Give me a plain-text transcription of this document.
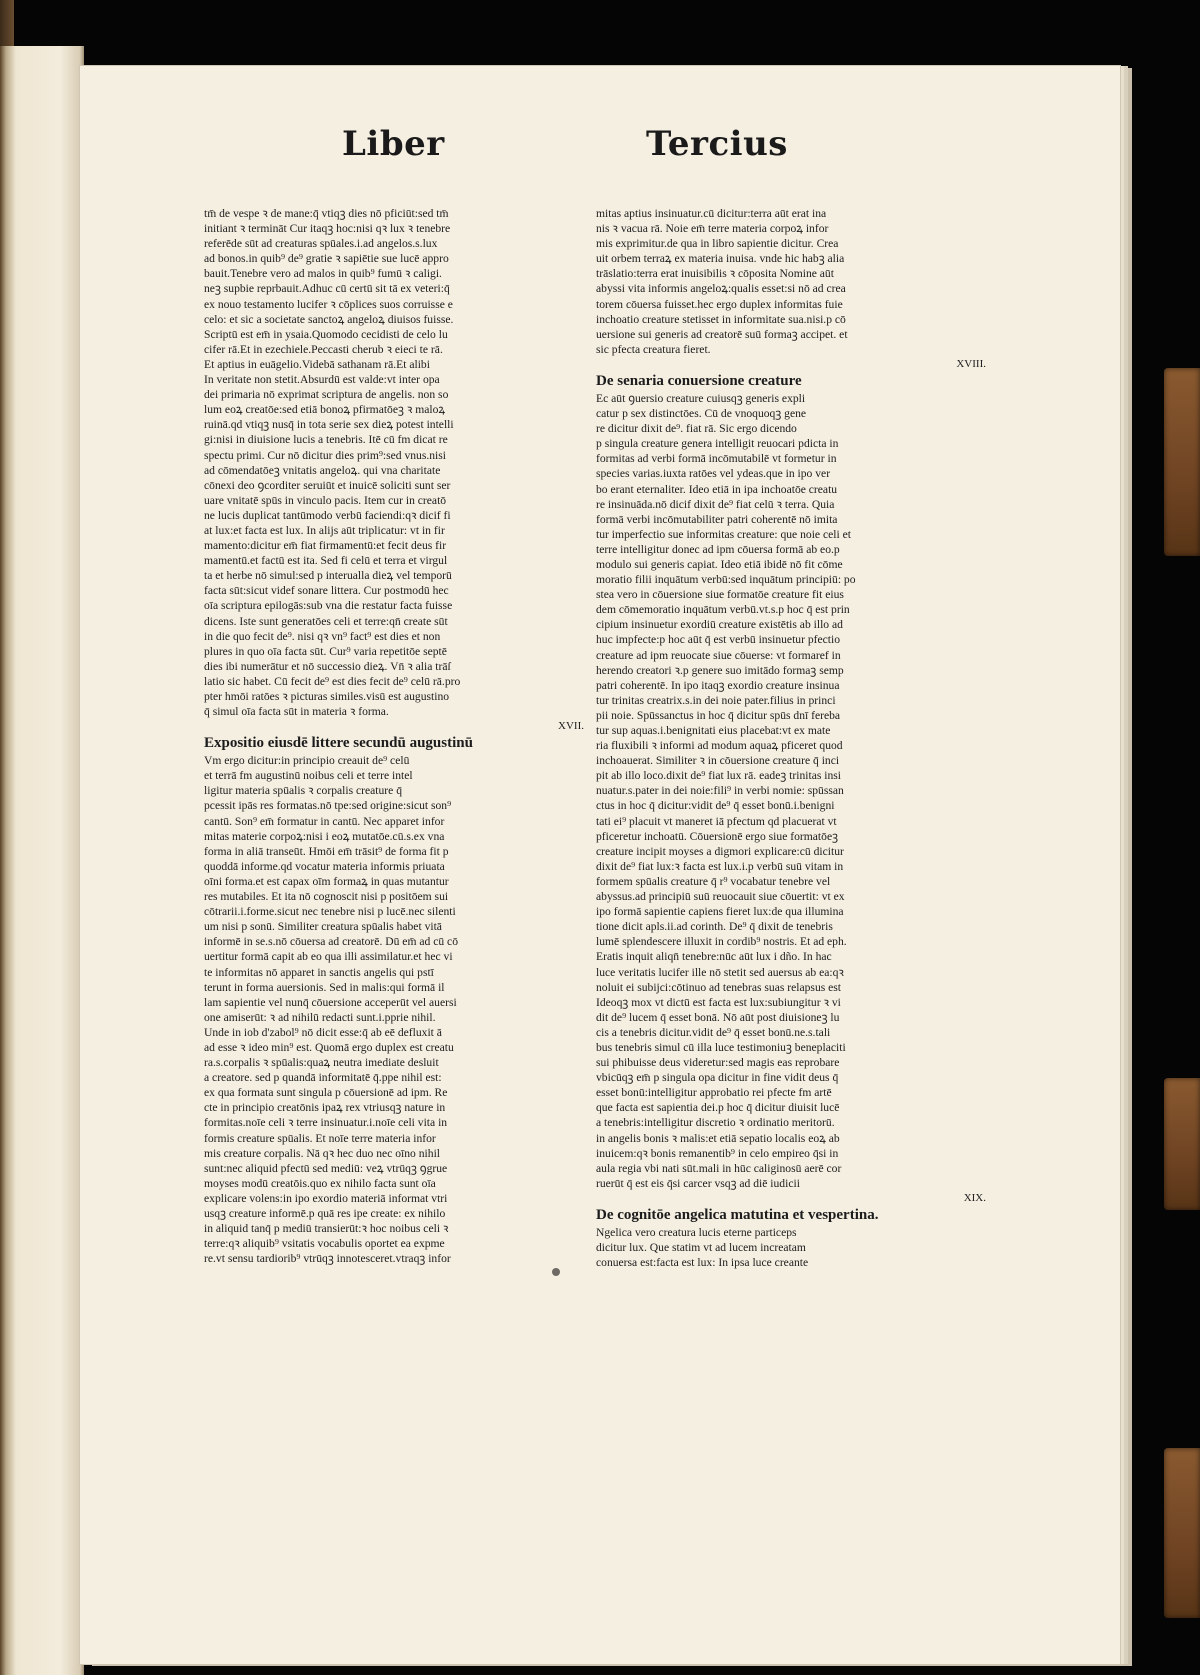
Liber	Tercius
tm̄ de vespe ꝛ de mane:q̄ vtiqꝫ dies nō pficiūt:sed tm̄
initiant ꝛ termināt Cur itaqꝫ hoc:nisi qꝛ lux ꝛ tenebre
referēde sūt ad creaturas spūales.i.ad angelos.s.lux
ad bonos.in quib⁹ de⁹ gratie ꝛ sapiētie sue lucē appro
bauit.Tenebre vero ad malos in quib⁹ fumū ꝛ caligi.
neꝫ supbie reprbauit.Adhuc cū certū sit tā ex veteri:q̄
ex nouo testamento lucifer ꝛ cōplices suos corruisse e
celo: et sic a societate sanctoꝝ angeloꝝ diuisos fuisse.
Scriptū est em̄ in ysaia.Quomodo cecidisti de celo lu
cifer rā.Et in ezechiele.Peccasti cherub ꝛ eieci te rā.
Et aptius in euāgelio.Videbā sathanam rā.Et alibi
In veritate non stetit.Absurdū est valde:vt inter opa
dei primaria nō exprimat scriptura de angelis. non so
lum eoꝝ creatōe:sed etiā bonoꝝ pfirmatōeꝫ ꝛ maloꝝ
ruinā.qd vtiqꝫ nusq̄ in tota serie sex dieꝝ potest intelli
gi:nisi in diuisione lucis a tenebris. Itē cū fm dicat re
spectu primi. Cur nō dicitur dies prim⁹:sed vnus.nisi
ad cōmendatōeꝫ vnitatis angeloꝝ. qui vna charitate
cōnexi deo ꝯcorditer seruiūt et inuicē soliciti sunt ser
uare vnitatē spūs in vinculo pacis. Item cur in creatō
ne lucis duplicat tantūmodo verbū faciendi:qꝛ dicif fi
at lux:et facta est lux. In alijs aūt triplicatur: vt in fir
mamento:dicitur em̄ fiat firmamentū:et fecit deus fir
mamentū.et factū est ita. Sed fi celū et terra et virgul
ta et herbe nō simul:sed p interualla dieꝝ vel temporū
facta sūt:sicut videf sonare littera. Cur postmodū hec
oīa scriptura epilogās:sub vna die restatur facta fuisse
dicens. Iste sunt generatōes celi et terre:qn̄ create sūt
in die quo fecit de⁹. nisi qꝛ vn⁹ fact⁹ est dies et non
plures in quo oīa facta sūt. Cur⁹ varia repetitōe septē
dies ibi numerātur et nō successio dieꝝ. Vn̄ ꝛ alia trāſ
latio sic habet. Cū fecit de⁹ est dies fecit de⁹ celū rā.pro
pter hmōi ratōes ꝛ picturas similes.visū est augustino
q̄ simul oīa facta sūt in materia ꝛ forma.
XVII.
Expositio eiusdē littere secundū augustinū
Vm ergo dicitur:in principio creauit de⁹ celū
et terrā fm augustinū noibus celi et terre intel
ligitur materia spūalis ꝛ corpalis creature q̄
pcessit ipās res formatas.nō tpe:sed origine:sicut son⁹
cantū. Son⁹ em̄ formatur in cantū. Nec apparet infor
mitas materie corpoꝝ:nisi i eoꝝ mutatōe.cū.s.ex vna
forma in aliā transeūt. Hmōi em̄ trāsit⁹ de forma fit p
quoddā informe.qd vocatur materia informis priuata
oīni forma.et est capax oīm formaꝝ in quas mutantur
res mutabiles. Et ita nō cognoscit nisi p positōem sui
cōtrarii.i.forme.sicut nec tenebre nisi p lucē.nec silenti
um nisi p sonū. Similiter creatura spūalis habet vitā
informē in se.s.nō cōuersa ad creatorē. Dū em̄ ad cū cō
uertitur formā capit ab eo qua illi assimilatur.et hec vi
te informitas nō apparet in sanctis angelis qui pstī
terunt in forma auersionis. Sed in malis:qui formā il
lam sapientie vel nunq̄ cōuersione acceperūt vel auersi
one amiserūt: ꝛ ad nihilū redacti sunt.i.pprie nihil.
Unde in iob d'zabol⁹ nō dicit esse:q̄ ab eē defluxit ā
ad esse ꝛ ideo min⁹ est. Quomā ergo duplex est creatu
ra.s.corpalis ꝛ spūalis:quaꝝ neutra imediate desluit
a creatore. sed p quandā informitatē q̄.ppe nihil est:
ex qua formata sunt singula p cōuersionē ad ipm. Re
cte in principio creatōnis ipaꝝ rex vtriusqꝫ nature in
formitas.noīe celi ꝛ terre insinuatur.i.noīe celi vita in
formis creature spūalis. Et noīe terre materia infor
mis creature corpalis. Nā qꝛ hec duo nec oīno nihil
sunt:nec aliquid pfectū sed mediū: veꝝ vtrūqꝫ ꝯgrue
moyses modū creatōis.quo ex nihilo facta sunt oīa
explicare volens:in ipo exordio materiā informat vtri
usqꝫ creature informē.p quā res ipe create: ex nihilo
in aliquid tanq̄ p mediū transierūt:ꝛ hoc noibus celi ꝛ
terre:qꝛ aliquib⁹ vsitatis vocabulis oportet ea expme
re.vt sensu tardiorib⁹ vtrūqꝫ innotesceret.vtraqꝫ infor
mitas aptius insinuatur.cū dicitur:terra aūt erat ina
nis ꝛ vacua rā. Noie em̄ terre materia corpoꝝ infor
mis exprimitur.de qua in libro sapientie dicitur. Crea
uit orbem terraꝝ ex materia inuisa. vnde hic habꝫ alia
trāslatio:terra erat inuisibilis ꝛ cōposita Nomine aūt
abyssi vita informis angeloꝝ:qualis esset:si nō ad crea
torem cōuersa fuisset.hec ergo duplex informitas fuie
inchoatio creature stetisset in informitate sua.nisi.p cō
uersione sui generis ad creatorē suū formaꝫ accipet. et
sic pfecta creatura fieret.
XVIII.
De senaria conuersione creature
Ec aūt ꝯuersio creature cuiusqꝫ generis expli
catur p sex distinctōes. Cū de vnoquoqꝫ gene
re dicitur dixit de⁹. fiat rā. Sic ergo dicendo
p singula creature genera intelligit reuocari pdicta in
formitas ad verbi formā incōmutabilē vt formetur in
species varias.iuxta ratōes vel ydeas.que in ipo ver
bo erant eternaliter. Ideo etiā in ipa inchoatōe creatu
re insinuāda.nō dicif dixit de⁹ fiat celū ꝛ terra. Quia
formā verbi incōmutabiliter patri coherentē nō imita
tur imperfectio sue informitas creature: que noie celi et
terre intelligitur donec ad ipm cōuersa formā ab eo.p
modulo sui generis capiat. Ideo etiā ibidē nō fit cōme
moratio filii inquātum verbū:sed inquātum principiū: po
stea vero in cōuersione siue formatōe creature fit eius
dem cōmemoratio inquātum verbū.vt.s.p hoc q̄ est prin
cipium insinuetur exordiū creature existētis ab illo ad
huc impfecte:p hoc aūt q̄ est verbū insinuetur pfectio
creature ad ipm reuocate siue cōuerse: vt formaref in
herendo creatori ꝛ.p genere suo imitādo formaꝫ semp
patri coherentē. In ipo itaqꝫ exordio creature insinua
tur trinitas creatrix.s.in dei noie pater.filius in princi
pii noie. Spūssanctus in hoc q̄ dicitur spūs dnī fereba
tur sup aquas.i.benignitati eius placebat:vt ex mate
ria fluxibili ꝛ informi ad modum aquaꝝ pficeret quod
inchoauerat. Similiter ꝛ in cōuersione creature q̄ inci
pit ab illo loco.dixit de⁹ fiat lux rā. eadeꝫ trinitas insi
nuatur.s.pater in dei noie:fili⁹ in verbi nomie: spūssan
ctus in hoc q̄ dicitur:vidit de⁹ q̄ esset bonū.i.benigni
tati ei⁹ placuit vt maneret iā pfectum qd placuerat vt
pficeretur inchoatū. Cōuersionē ergo siue formatōeꝫ
creature incipit moyses a digmori explicare:cū dicitur
dixit de⁹ fiat lux:ꝛ facta est lux.i.p verbū suū vitam in
formem spūalis creature q̄ r⁹ vocabatur tenebre vel
abyssus.ad principiū suū reuocauit siue cōuertit: vt ex
ipo formā sapientie capiens fieret lux:de qua illumina
tione dicit apls.ii.ad corinth. De⁹ q̄ dixit de tenebris
lumē splendescere illuxit in cordib⁹ nostris. Et ad eph.
Eratis inquit aliqn̄ tenebre:nūc aūt lux i dño. In hac
luce veritatis lucifer ille nō stetit sed auersus ab ea:qꝛ
noluit ei subijci:cōtinuo ad tenebras suas relapsus est
Ideoqꝫ mox vt dictū est facta est lux:subiungitur ꝛ vi
dit de⁹ lucem q̄ esset bonā. Nō aūt post diuisioneꝫ lu
cis a tenebris dicitur.vidit de⁹ q̄ esset bonū.ne.s.tali
bus tenebris simul cū illa luce testimoniuꝫ beneplaciti
sui phibuisse deus videretur:sed magis eas reprobare
vbicūqꝫ em̄ p singula opa dicitur in fine vidit deus q̄
esset bonū:intelligitur approbatio rei pfecte fm artē
que facta est sapientia dei.p hoc q̄ dicitur diuisit lucē
a tenebris:intelligitur discretio ꝛ ordinatio meritorū.
in angelis bonis ꝛ malis:et etiā sepatio localis eoꝝ ab
inuicem:qꝛ bonis remanentib⁹ in celo empireo q̄si in
aula regia vbi nati sūt.mali in hūc caliginosū aerē cor
ruerūt q̄ est eis q̄si carcer vsqꝫ ad diē iudicii
XIX.
De cognitōe angelica matutina et vespertina.
Ngelica vero creatura lucis eterne particeps
dicitur lux. Que statim vt ad lucem increatam
conuersa est:facta est lux: In ipsa luce creante
